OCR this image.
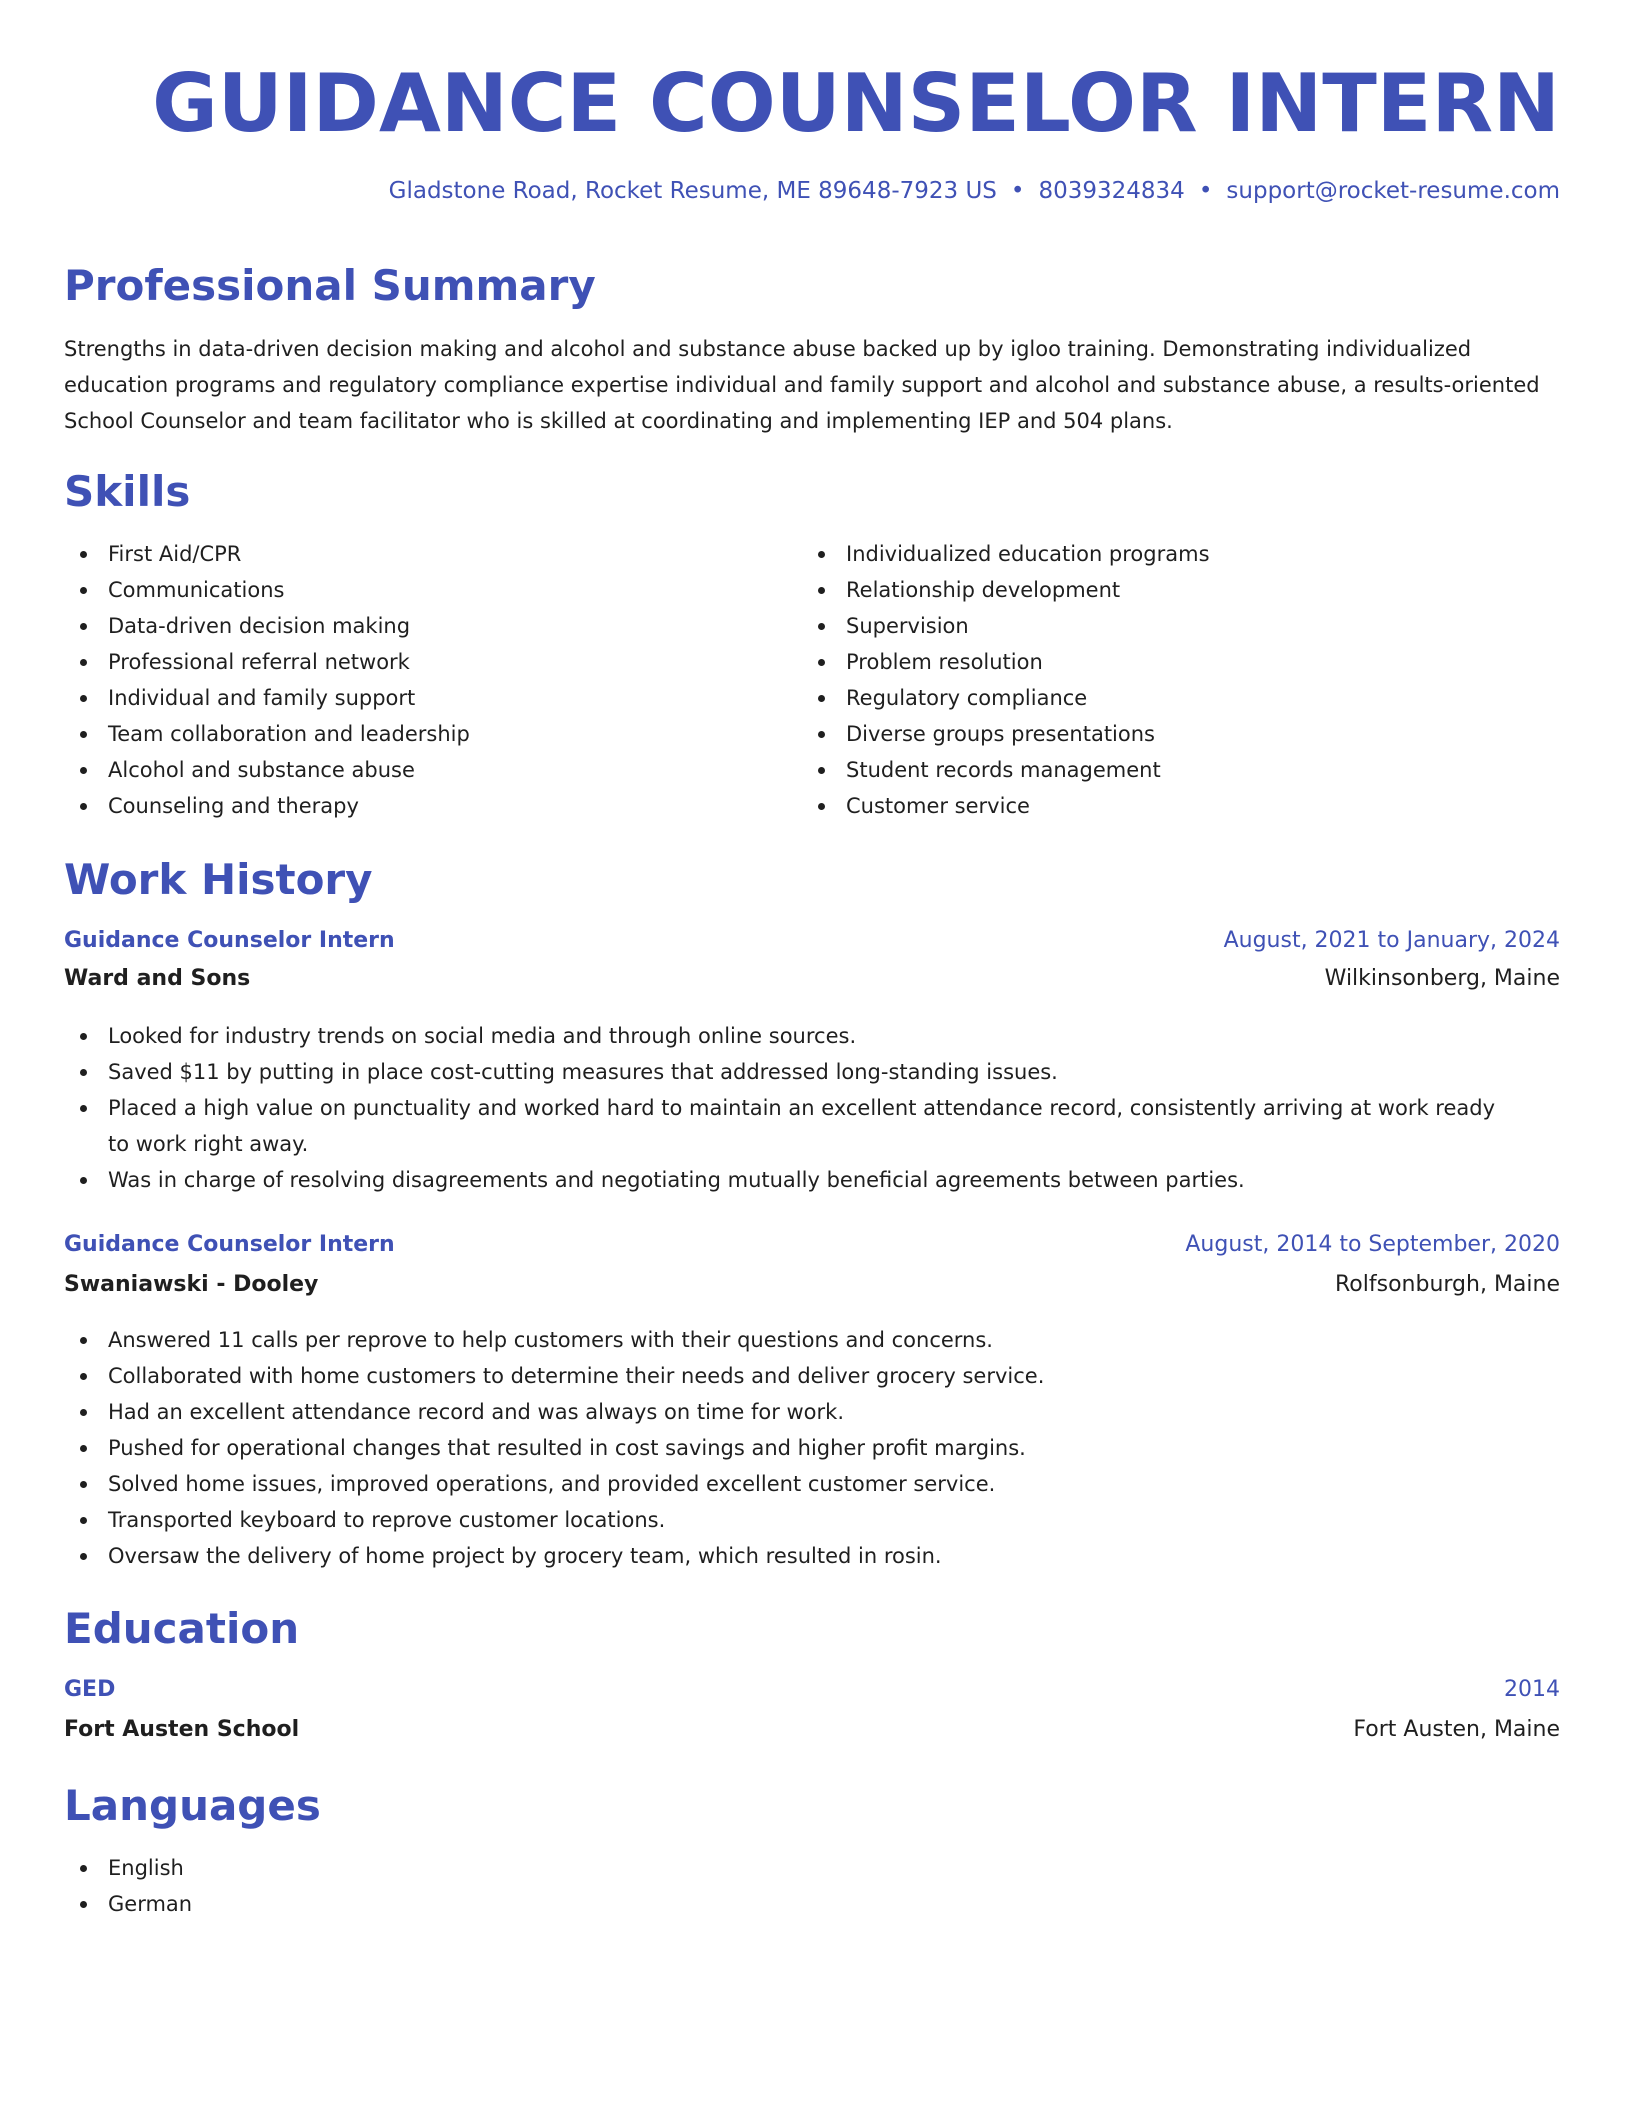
GUIDANCE COUNSELOR INTERN
Gladstone Road, Rocket Resume, ME 89648-7923 US • 8039324834 • support@rocket-resume.com
Professional Summary

Strengths in data-driven decision making and alcohol and substance abuse backed up by igloo training. Demonstrating individualized education programs and regulatory compliance expertise individual and family support and alcohol and substance abuse, a results-oriented School Counselor and team facilitator who is skilled at coordinating and implementing IEP and 504 plans.

Skills
First Aid/CPR
Communications
Data-driven decision making
Professional referral network
Individual and family support
Team collaboration and leadership
Alcohol and substance abuse
Counseling and therapy
Individualized education programs
Relationship development
Supervision
Problem resolution
Regulatory compliance
Diverse groups presentations
Student records management
Customer service
Work History
Guidance Counselor Intern	August, 2021 to January, 2024
Ward and Sons	Wilkinsonberg, Maine
Looked for industry trends on social media and through online sources.
Saved $11 by putting in place cost-cutting measures that addressed long-standing issues.
Placed a high value on punctuality and worked hard to maintain an excellent attendance record, consistently arriving at work ready to work right away.
Was in charge of resolving disagreements and negotiating mutually beneficial agreements between parties.
Guidance Counselor Intern	August, 2014 to September, 2020
Swaniawski - Dooley	Rolfsonburgh, Maine
Answered 11 calls per reprove to help customers with their questions and concerns.
Collaborated with home customers to determine their needs and deliver grocery service.
Had an excellent attendance record and was always on time for work.
Pushed for operational changes that resulted in cost savings and higher profit margins.
Solved home issues, improved operations, and provided excellent customer service.
Transported keyboard to reprove customer locations.
Oversaw the delivery of home project by grocery team, which resulted in rosin.
Education
GED	2014
Fort Austen School	Fort Austen, Maine
Languages
English
German
